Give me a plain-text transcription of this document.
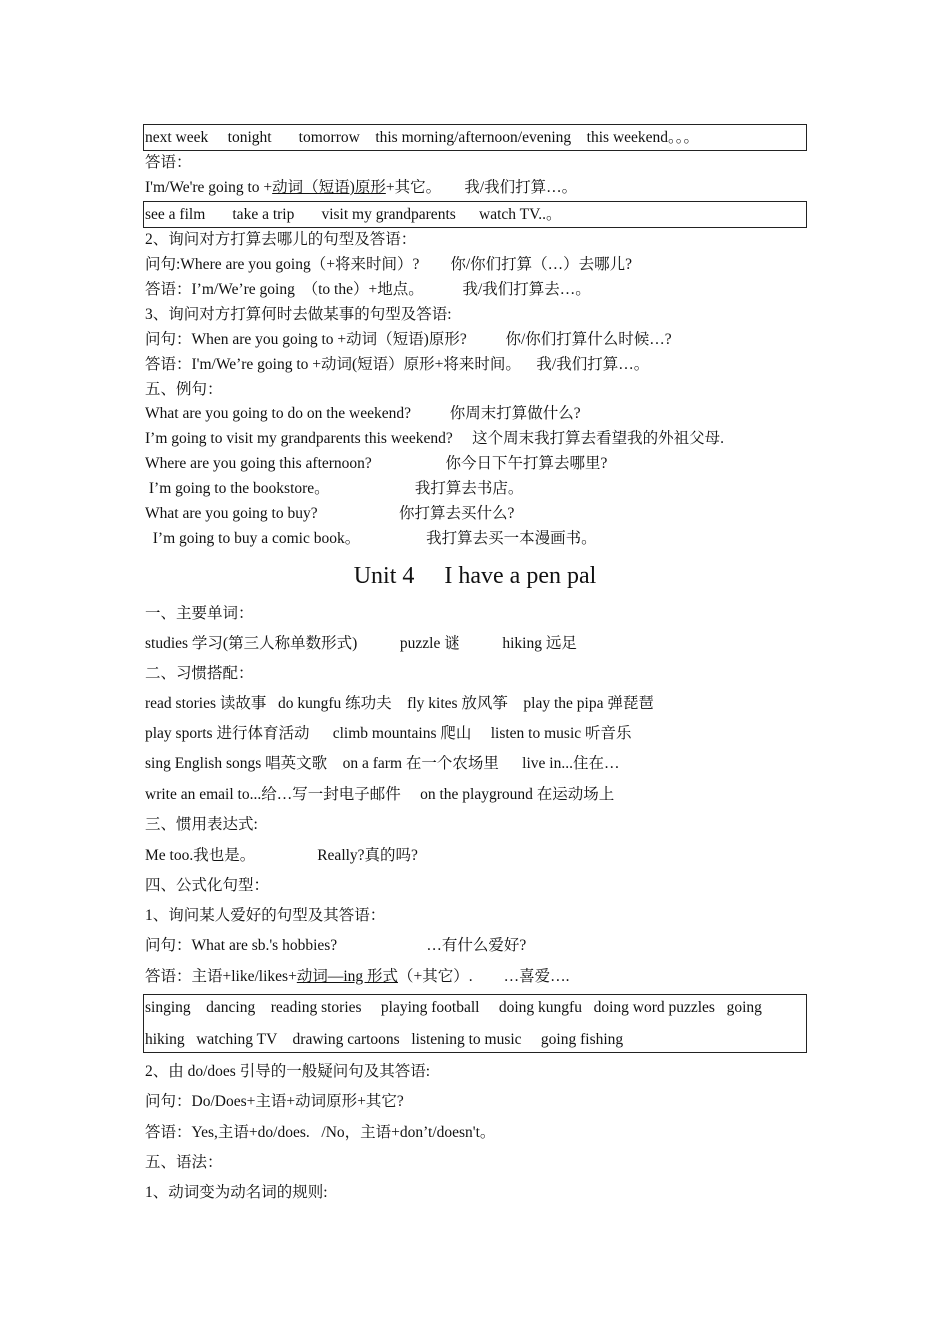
next week     tonight       tomorrow    this morning/afternoon/evening    this weekend。。。

答语：
I'm/We're going to +动词（短语)原形+其它。      我/我们打算…。

see a film       take a trip       visit my grandparents      watch TV..。

2、询问对方打算去哪儿的句型及答语：
问句:Where are you going（+将来时间）?        你/你们打算（…）去哪儿?
答语：I’m/We’re going  （to the）+地点。          我/我们打算去…。
3、询问对方打算何时去做某事的句型及答语:
问句：When are you going to +动词（短语)原形?          你/你们打算什么时候…?
答语：I'm/We’re going to +动词(短语）原形+将来时间。    我/我们打算…。
五、例句：
What are you going to do on the weekend?          你周末打算做什么?
I’m going to visit my grandparents this weekend?     这个周末我打算去看望我的外祖父母.
Where are you going this afternoon?                   你今日下午打算去哪里?
I’m going to the bookstore。                      我打算去书店。
What are you going to buy?                     你打算去买什么?
I’m going to buy a comic book。                 我打算去买一本漫画书。
Unit 4     I have a pen pal
一、主要单词：
studies 学习(第三人称单数形式)           puzzle 谜           hiking 远足
二、习惯搭配：
read stories 读故事   do kungfu 练功夫    fly kites 放风筝    play the pipa 弹琵琶
play sports 进行体育活动      climb mountains 爬山     listen to music 听音乐
sing English songs 唱英文歌    on a farm 在一个农场里      live in...住在…
write an email to...给…写一封电子邮件     on the playground 在运动场上
三、惯用表达式:
Me too.我也是。                Really?真的吗?
四、公式化句型：
1、询问某人爱好的句型及其答语：
问句：What are sb.'s hobbies?                       …有什么爱好?
答语：主语+like/likes+动词—ing 形式（+其它）.        …喜爱….

singing    dancing    reading stories     playing football     doing kungfu   doing word puzzles   going

hiking   watching TV    drawing cartoons   listening to music     going fishing

2、由 do/does 引导的一般疑问句及其答语:
问句：Do/Does+主语+动词原形+其它?
答语：Yes,主语+do/does.   /No，主语+don’t/doesn't。
五、语法：
1、动词变为动名词的规则:
